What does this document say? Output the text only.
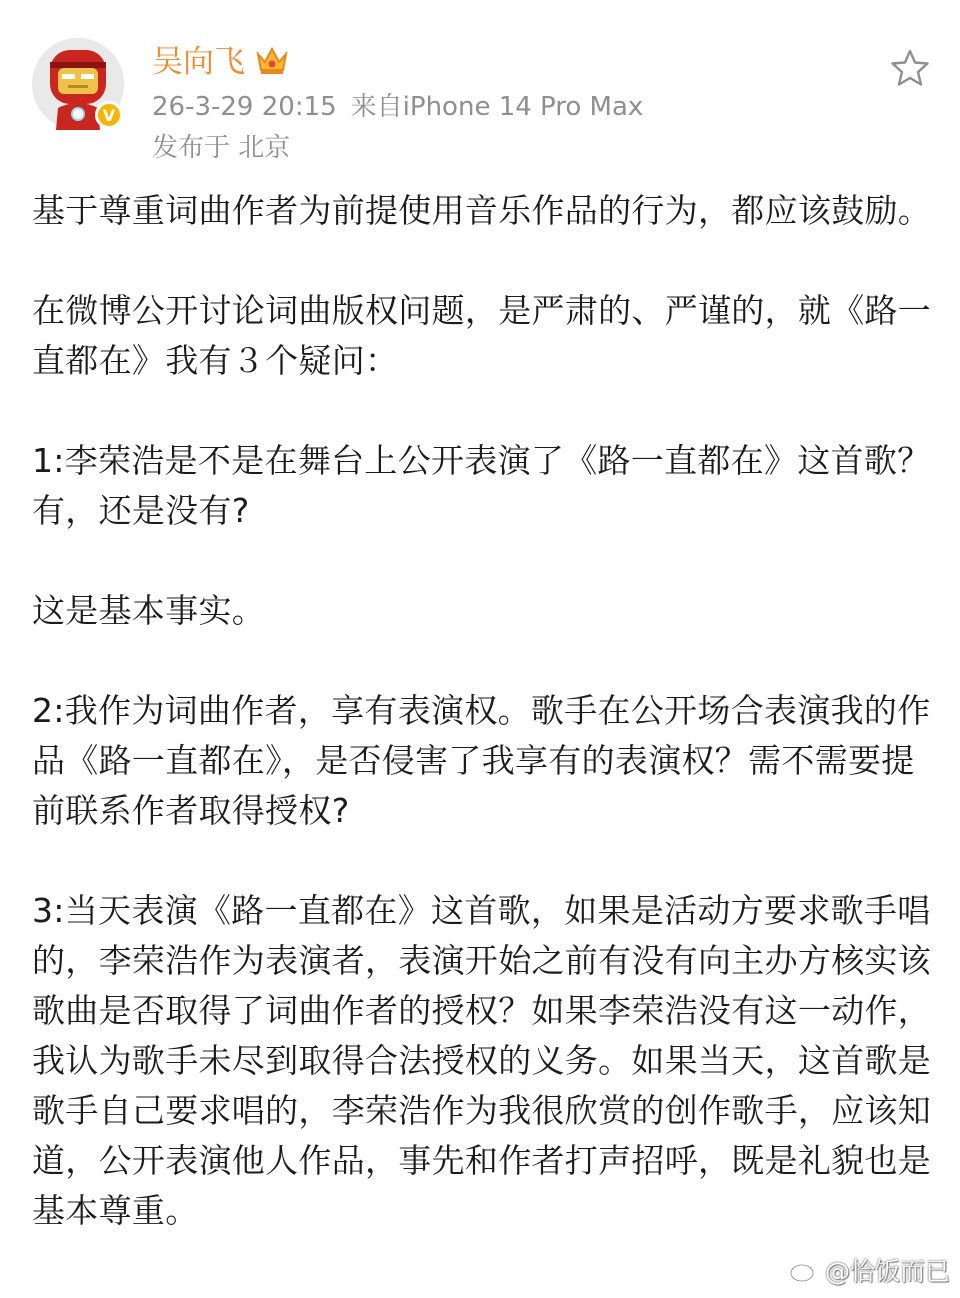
V
吴向飞
26-3-29 20:15 来自iPhone 14 Pro Max
发布于 北京

基于尊重词曲作者为前提使用音乐作品的行为，都应该鼓励。

在微博公开讨论词曲版权问题，是严肃的、严谨的，就《路一直都在》我有３个疑问：

1:李荣浩是不是在舞台上公开表演了《路一直都在》这首歌？有，还是没有?

这是基本事实。

2:我作为词曲作者，享有表演权。歌手在公开场合表演我的作品《路一直都在》，是否侵害了我享有的表演权？需不需要提前联系作者取得授权?

3:当天表演《路一直都在》这首歌，如果是活动方要求歌手唱的，李荣浩作为表演者，表演开始之前有没有向主办方核实该歌曲是否取得了词曲作者的授权？如果李荣浩没有这一动作，我认为歌手未尽到取得合法授权的义务。如果当天，这首歌是歌手自己要求唱的，李荣浩作为我很欣赏的创作歌手，应该知道，公开表演他人作品，事先和作者打声招呼，既是礼貌也是基本尊重。

@恰饭而已
